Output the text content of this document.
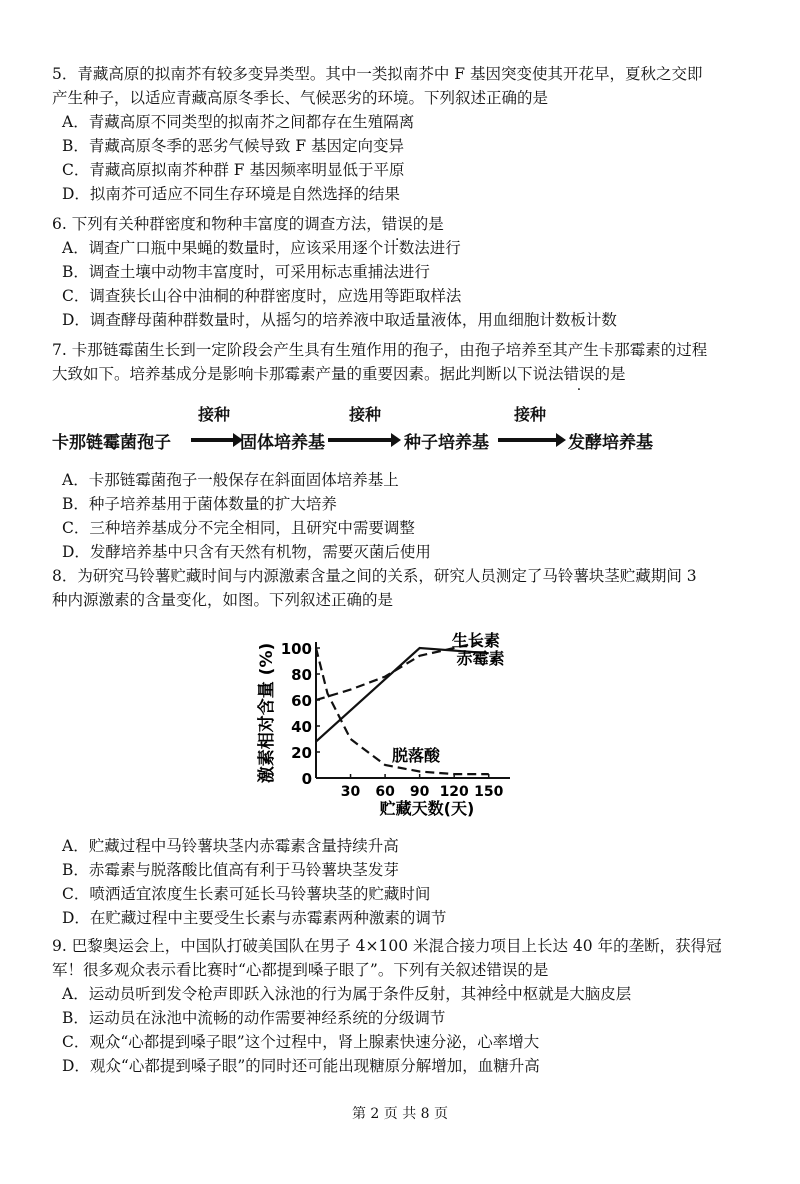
5．青藏高原的拟南芥有较多变异类型。其中一类拟南芥中 F 基因突变使其开花早，夏秋之交即

产生种子，以适应青藏高原冬季长、气候恶劣的环境。下列叙述正确的是

A．青藏高原不同类型的拟南芥之间都存在生殖隔离

B．青藏高原冬季的恶劣气候导致 F 基因定向变异

C．青藏高原拟南芥种群 F 基因频率明显低于平原

D．拟南芥可适应不同生存环境是自然选择的结果

6. 下列有关种群密度和物种丰富度的调查方法，错误的是

A．调查广口瓶中果蝇的数量时，应该采用逐个计数法进行

B．调查土壤中动物丰富度时，可采用标志重捕法进行

C．调查狭长山谷中油桐的种群密度时，应选用等距取样法

D．调查酵母菌种群数量时，从摇匀的培养液中取适量液体，用血细胞计数板计数

7. 卡那链霉菌生长到一定阶段会产生具有生殖作用的孢子，由孢子培养至其产生卡那霉素的过程

大致如下。培养基成分是影响卡那霉素产量的重要因素。据此判断以下说法错误的是

卡那链霉菌孢子
接种
固体培养基
接种
种子培养基
接种
发酵培养基

A．卡那链霉菌孢子一般保存在斜面固体培养基上

B．种子培养基用于菌体数量的扩大培养

C．三种培养基成分不完全相同，且研究中需要调整

D．发酵培养基中只含有天然有机物，需要灭菌后使用

8．为研究马铃薯贮藏时间与内源激素含量之间的关系，研究人员测定了马铃薯块茎贮藏期间 3

种内源激素的含量变化，如图。下列叙述正确的是

0
20
40
60
80
100
30 60 90 120 150
贮藏天数(天)
激素相对含量 (%)
生长素
赤霉素
脱落酸

A．贮藏过程中马铃薯块茎内赤霉素含量持续升高

B．赤霉素与脱落酸比值高有利于马铃薯块茎发芽

C．喷洒适宜浓度生长素可延长马铃薯块茎的贮藏时间

D．在贮藏过程中主要受生长素与赤霉素两种激素的调节

9. 巴黎奥运会上，中国队打破美国队在男子 4×100 米混合接力项目上长达 40 年的垄断，获得冠

军！很多观众表示看比赛时“心都提到嗓子眼了”。下列有关叙述错误的是

A．运动员听到发令枪声即跃入泳池的行为属于条件反射，其神经中枢就是大脑皮层

B．运动员在泳池中流畅的动作需要神经系统的分级调节

C．观众“心都提到嗓子眼”这个过程中，肾上腺素快速分泌，心率增大

D．观众“心都提到嗓子眼”的同时还可能出现糖原分解增加，血糖升高

第 2 页 共 8 页
